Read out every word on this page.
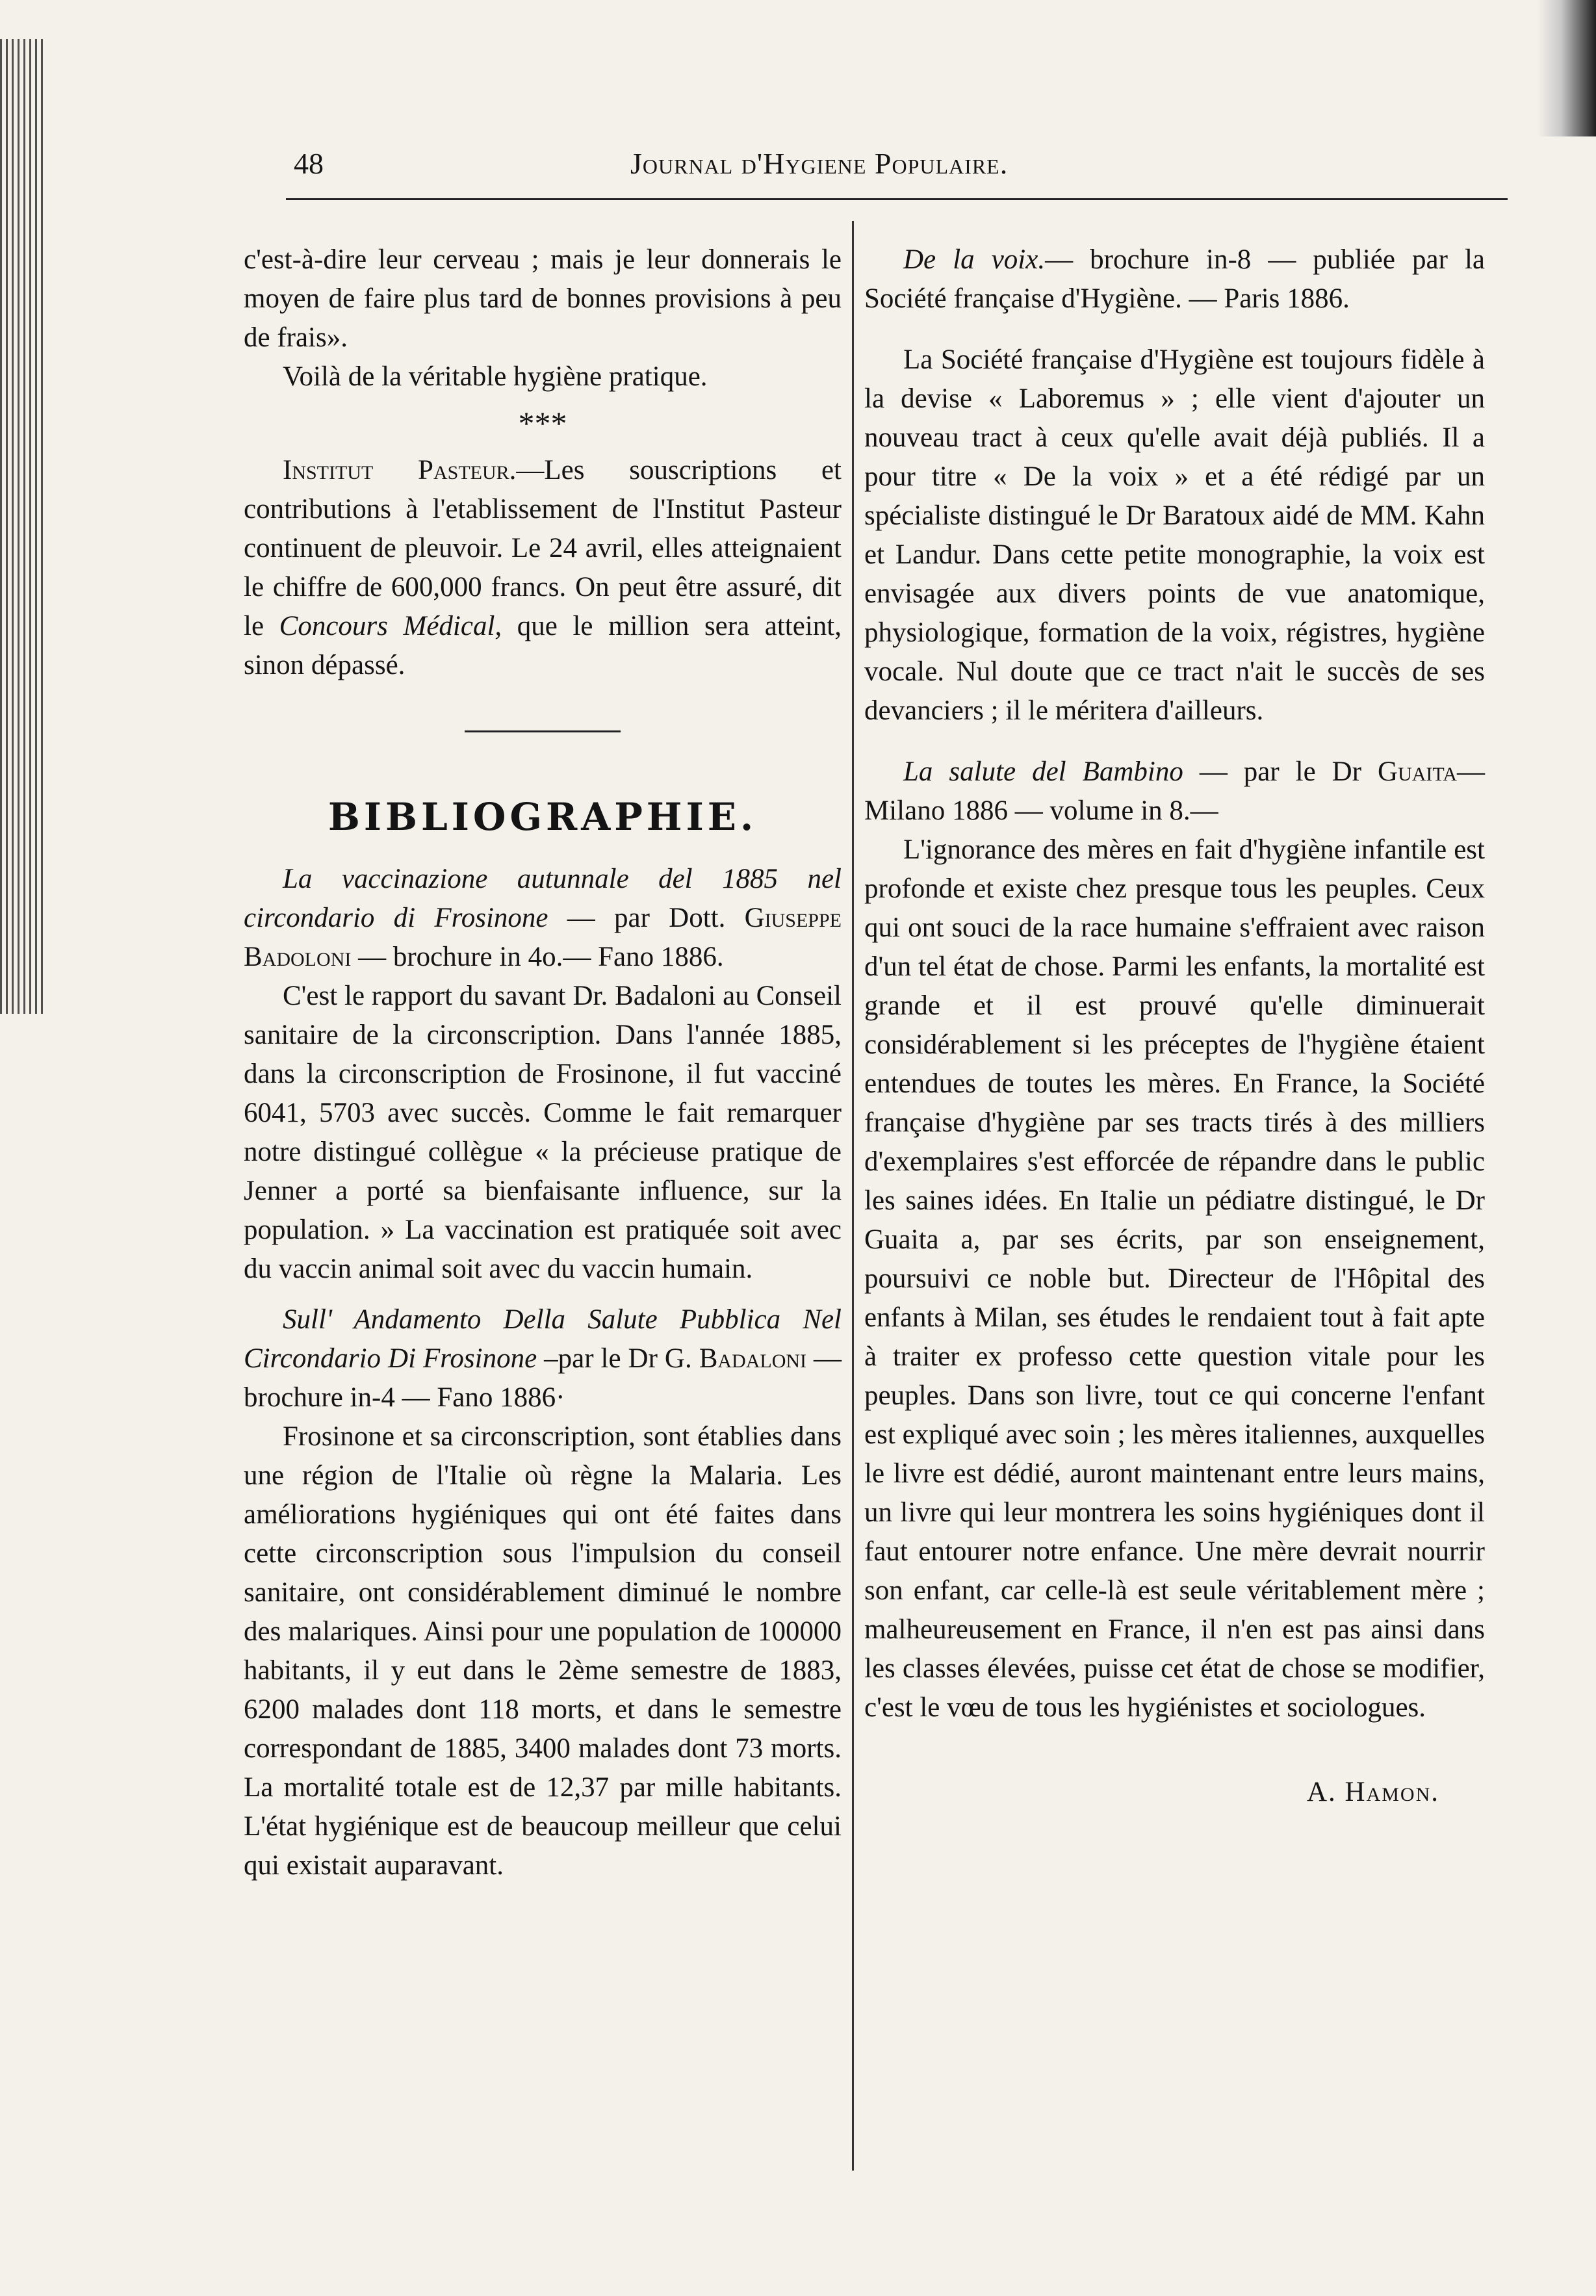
48	Journal d'Hygiene Populaire.

c'est-à-dire leur cerveau ; mais je leur donnerais le moyen de faire plus tard de bonnes provisions à peu de frais».

Voilà de la véritable hygiène pratique.

***

Institut Pasteur.—Les souscriptions et contributions à l'etablissement de l'Institut Pasteur continuent de pleuvoir. Le 24 avril, elles atteignaient le chiffre de 600,000 francs. On peut être assuré, dit le Concours Médical, que le million sera atteint, sinon dépassé.

BIBLIOGRAPHIE.

La vaccinazione autunnale del 1885 nel circondario di Frosinone — par Dott. Giuseppe Badoloni — brochure in 4o.— Fano 1886.

C'est le rapport du savant Dr. Badaloni au Conseil sanitaire de la circonscription. Dans l'année 1885, dans la circonscription de Frosinone, il fut vacciné 6041, 5703 avec succès. Comme le fait remarquer notre distingué collègue « la précieuse pratique de Jenner a porté sa bienfaisante influence, sur la population. » La vaccination est pratiquée soit avec du vaccin animal soit avec du vaccin humain.

Sull' Andamento Della Salute Pubblica Nel Circondario Di Frosinone –par le Dr G. Badaloni — brochure in-4 — Fano 1886·

Frosinone et sa circonscription, sont établies dans une région de l'Italie où règne la Malaria. Les améliorations hygiéniques qui ont été faites dans cette circonscription sous l'impulsion du conseil sanitaire, ont considérablement diminué le nombre des malariques. Ainsi pour une population de 100000 habitants, il y eut dans le 2ème semestre de 1883, 6200 malades dont 118 morts, et dans le semestre correspondant de 1885, 3400 malades dont 73 morts. La mortalité totale est de 12,37 par mille habitants. L'état hygiénique est de beaucoup meilleur que celui qui existait auparavant.

De la voix.— brochure in-8 — publiée par la Société française d'Hygiène. — Paris 1886.

La Société française d'Hygiène est toujours fidèle à la devise « Laboremus » ; elle vient d'ajouter un nouveau tract à ceux qu'elle avait déjà publiés. Il a pour titre « De la voix » et a été rédigé par un spécialiste distingué le Dr Baratoux aidé de MM. Kahn et Landur. Dans cette petite monographie, la voix est envisagée aux divers points de vue anatomique, physiologique, formation de la voix, régistres, hygiène vocale. Nul doute que ce tract n'ait le succès de ses devanciers ; il le méritera d'ailleurs.

La salute del Bambino — par le Dr Guaita— Milano 1886 — volume in 8.—

L'ignorance des mères en fait d'hygiène infantile est profonde et existe chez presque tous les peuples. Ceux qui ont souci de la race humaine s'effraient avec raison d'un tel état de chose. Parmi les enfants, la mortalité est grande et il est prouvé qu'elle diminuerait considérablement si les préceptes de l'hygiène étaient entendues de toutes les mères. En France, la Société française d'hygiène par ses tracts tirés à des milliers d'exemplaires s'est efforcée de répandre dans le public les saines idées. En Italie un pédiatre distingué, le Dr Guaita a, par ses écrits, par son enseignement, poursuivi ce noble but. Directeur de l'Hôpital des enfants à Milan, ses études le rendaient tout à fait apte à traiter ex professo cette question vitale pour les peuples. Dans son livre, tout ce qui concerne l'enfant est expliqué avec soin ; les mères italiennes, auxquelles le livre est dédié, auront maintenant entre leurs mains, un livre qui leur montrera les soins hygiéniques dont il faut entourer notre enfance. Une mère devrait nourrir son enfant, car celle-là est seule véritablement mère ; malheureusement en France, il n'en est pas ainsi dans les classes élevées, puisse cet état de chose se modifier, c'est le vœu de tous les hygiénistes et sociologues.

A. Hamon.
